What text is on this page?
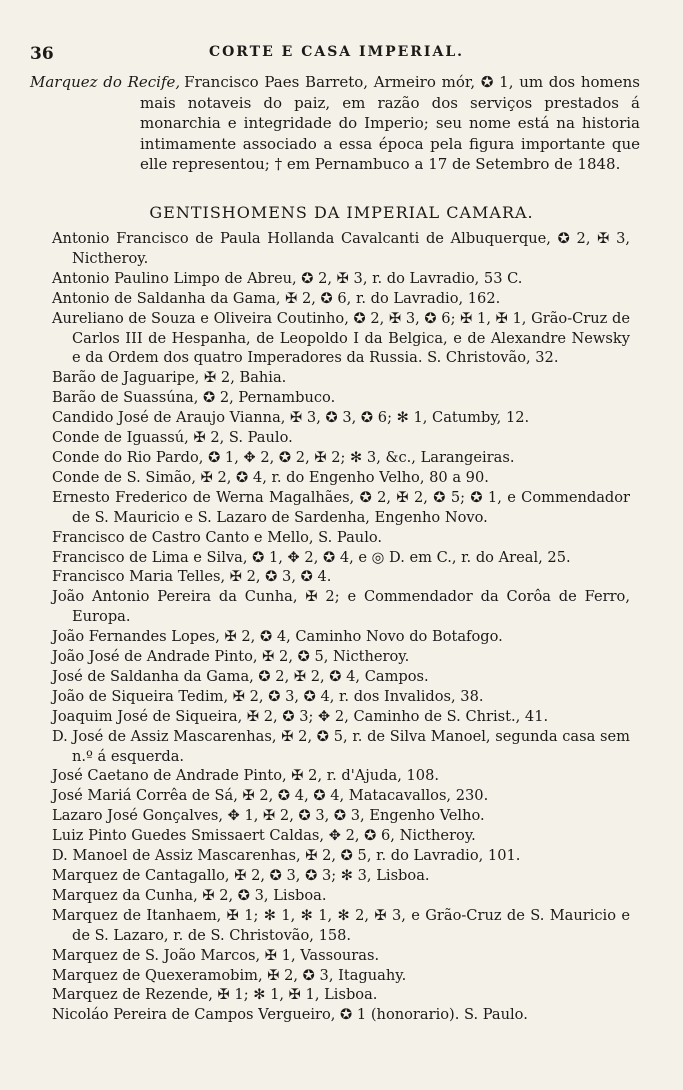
36	CORTE E CASA IMPERIAL.
Marquez do Recife, Francisco Paes Barreto, Armeiro mór, ✪ 1, um dos homens mais notaveis do paiz, em razão dos serviços prestados á monarchia e integridade do Imperio; seu nome está na historia intimamente associado a essa época pela figura importante que elle representou; † em Pernambuco a 17 de Setembro de 1848.
GENTISHOMENS DA IMPERIAL CAMARA.
Antonio Francisco de Paula Hollanda Cavalcanti de Albuquerque, ✪ 2, ✠ 3, Nictheroy.
Antonio Paulino Limpo de Abreu, ✪ 2, ✠ 3, r. do Lavradio, 53 C.
Antonio de Saldanha da Gama, ✠ 2, ✪ 6, r. do Lavradio, 162.
Aureliano de Souza e Oliveira Coutinho, ✪ 2, ✠ 3, ✪ 6; ✠ 1, ✠ 1, Grão-Cruz de Carlos III de Hespanha, de Leopoldo I da Belgica, e de Alexandre Newsky e da Ordem dos quatro Imperadores da Russia. S. Christovão, 32.
Barão de Jaguaripe, ✠ 2, Bahia.
Barão de Suassúna, ✪ 2, Pernambuco.
Candido José de Araujo Vianna, ✠ 3, ✪ 3, ✪ 6; ✻ 1, Catumby, 12.
Conde de Iguassú, ✠ 2, S. Paulo.
Conde do Rio Pardo, ✪ 1, ✥ 2, ✪ 2, ✠ 2; ✻ 3, &c., Larangeiras.
Conde de S. Simão, ✠ 2, ✪ 4, r. do Engenho Velho, 80 a 90.
Ernesto Frederico de Werna Magalhães, ✪ 2, ✠ 2, ✪ 5; ✪ 1, e Commendador de S. Mauricio e S. Lazaro de Sardenha, Engenho Novo.
Francisco de Castro Canto e Mello, S. Paulo.
Francisco de Lima e Silva, ✪ 1, ✥ 2, ✪ 4, e ◎ D. em C., r. do Areal, 25.
Francisco Maria Telles, ✠ 2, ✪ 3, ✪ 4.
João Antonio Pereira da Cunha, ✠ 2; e Commendador da Corôa de Ferro, Europa.
João Fernandes Lopes, ✠ 2, ✪ 4, Caminho Novo do Botafogo.
João José de Andrade Pinto, ✠ 2, ✪ 5, Nictheroy.
José de Saldanha da Gama, ✪ 2, ✠ 2, ✪ 4, Campos.
João de Siqueira Tedim, ✠ 2, ✪ 3, ✪ 4, r. dos Invalidos, 38.
Joaquim José de Siqueira, ✠ 2, ✪ 3; ✥ 2, Caminho de S. Christ., 41.
D. José de Assiz Mascarenhas, ✠ 2, ✪ 5, r. de Silva Manoel, segunda casa sem n.º á esquerda.
José Caetano de Andrade Pinto, ✠ 2, r. d'Ajuda, 108.
José Mariá Corrêa de Sá, ✠ 2, ✪ 4, ✪ 4, Matacavallos, 230.
Lazaro José Gonçalves, ✥ 1, ✠ 2, ✪ 3, ✪ 3, Engenho Velho.
Luiz Pinto Guedes Smissaert Caldas, ✥ 2, ✪ 6, Nictheroy.
D. Manoel de Assiz Mascarenhas, ✠ 2, ✪ 5, r. do Lavradio, 101.
Marquez de Cantagallo, ✠ 2, ✪ 3, ✪ 3; ✻ 3, Lisboa.
Marquez da Cunha, ✠ 2, ✪ 3, Lisboa.
Marquez de Itanhaem, ✠ 1; ✻ 1, ✻ 1, ✻ 2, ✠ 3, e Grão-Cruz de S. Mauricio e de S. Lazaro, r. de S. Christovão, 158.
Marquez de S. João Marcos, ✠ 1, Vassouras.
Marquez de Quexeramobim, ✠ 2, ✪ 3, Itaguahy.
Marquez de Rezende, ✠ 1; ✻ 1, ✠ 1, Lisboa.
Nicoláo Pereira de Campos Vergueiro, ✪ 1 (honorario). S. Paulo.
